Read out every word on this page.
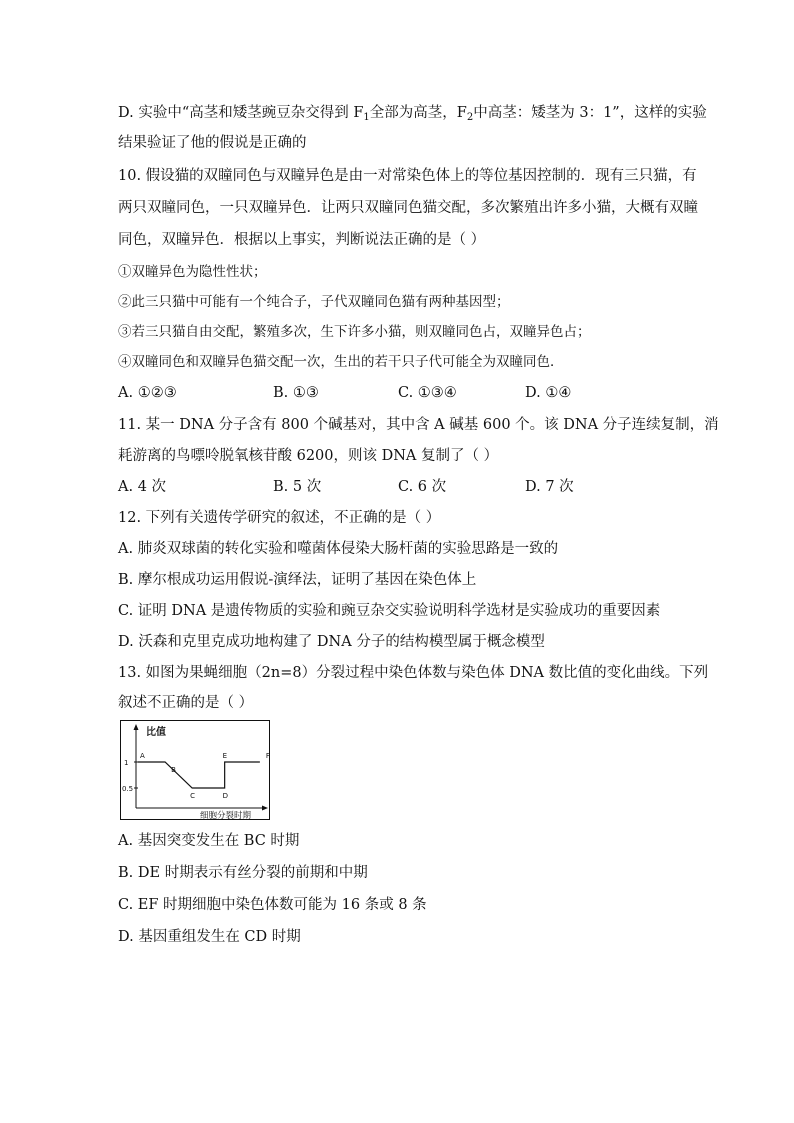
D. 实验中“高茎和矮茎豌豆杂交得到 $F_1$全部为高茎，$F_2$中高茎：矮茎为 3：1”，这样的实验
结果验证了他的假说是正确的
10. 假设猫的双瞳同色与双瞳异色是由一对常染色体上的等位基因控制的．现有三只猫，有
两只双瞳同色，一只双瞳异色．让两只双瞳同色猫交配，多次繁殖出许多小猫，大概有双瞳
同色，双瞳异色．根据以上事实，判断说法正确的是（ ）
①双瞳异色为隐性性状；
②此三只猫中可能有一个纯合子，子代双瞳同色猫有两种基因型；
③若三只猫自由交配，繁殖多次，生下许多小猫，则双瞳同色占，双瞳异色占；
④双瞳同色和双瞳异色猫交配一次，生出的若干只子代可能全为双瞳同色．
A. ①②③	B. ①③	C. ①③④	D. ①④
11. 某一 DNA 分子含有 800 个碱基对，其中含 A 碱基 600 个。该 DNA 分子连续复制，消
耗游离的鸟嘌呤脱氧核苷酸 6200，则该 DNA 复制了（ ）
A. 4 次	B. 5 次	C. 6 次	D. 7 次
12. 下列有关遗传学研究的叙述，不正确的是（ ）
A. 肺炎双球菌的转化实验和噬菌体侵染大肠杆菌的实验思路是一致的
B. 摩尔根成功运用假说-演绎法，证明了基因在染色体上
C. 证明 DNA 是遗传物质的实验和豌豆杂交实验说明科学选材是实验成功的重要因素
D. 沃森和克里克成功地构建了 DNA 分子的结构模型属于概念模型
13. 如图为果蝇细胞（2n=8）分裂过程中染色体数与染色体 DNA 数比值的变化曲线。下列
叙述不正确的是（ ）
比值
细胞分裂时期
1
0.5
A
B
C	D
E	F
A. 基因突变发生在 BC 时期
B. DE 时期表示有丝分裂的前期和中期
C. EF 时期细胞中染色体数可能为 16 条或 8 条
D. 基因重组发生在 CD 时期
